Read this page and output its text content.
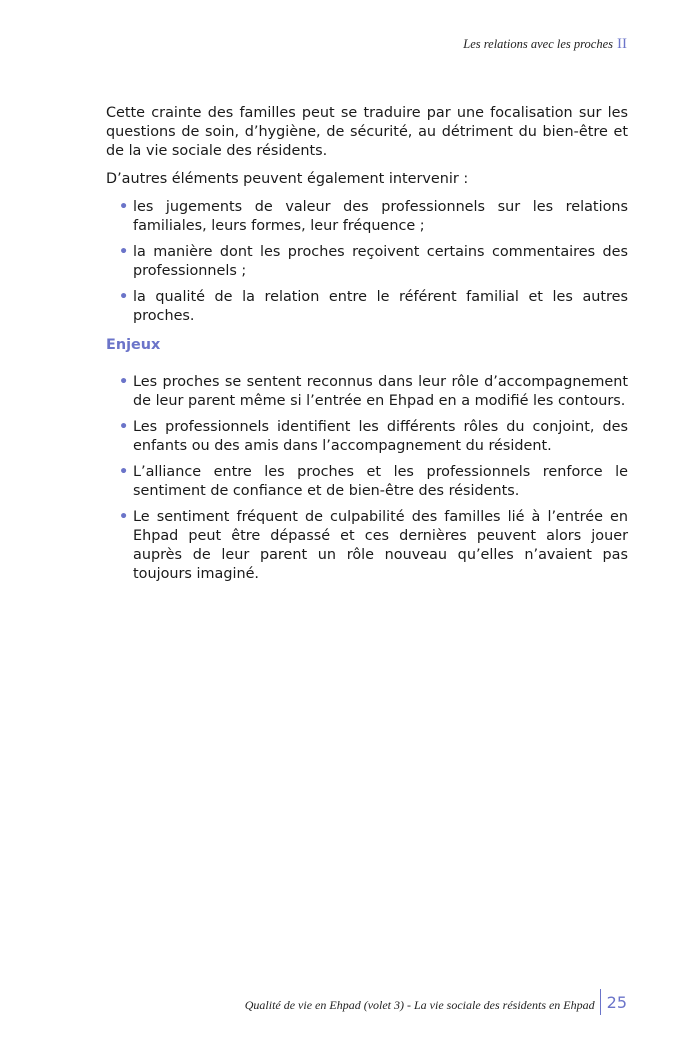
Les relations avec les proches II

Cette crainte des familles peut se traduire par une focalisation sur les questions de soin, d’hygiène, de sécurité, au détriment du bien-être et de la vie sociale des résidents.

D’autres éléments peuvent également intervenir :

• les jugements de valeur des professionnels sur les relations familiales, leurs formes, leur fréquence ;
• la manière dont les proches reçoivent certains commentaires des professionnels ;
• la qualité de la relation entre le référent familial et les autres proches.
Enjeux
• Les proches se sentent reconnus dans leur rôle d’accompagnement de leur parent même si l’entrée en Ehpad en a modifié les contours.
• Les professionnels identifient les différents rôles du conjoint, des enfants ou des amis dans l’accompagnement du résident.
• L’alliance entre les proches et les professionnels renforce le sentiment de confiance et de bien-être des résidents.
• Le sentiment fréquent de culpabilité des familles lié à l’entrée en Ehpad peut être dépassé et ces dernières peuvent alors jouer auprès de leur parent un rôle nouveau qu’elles n’avaient pas toujours imaginé.
Qualité de vie en Ehpad (volet 3) - La vie sociale des résidents en Ehpad 25
